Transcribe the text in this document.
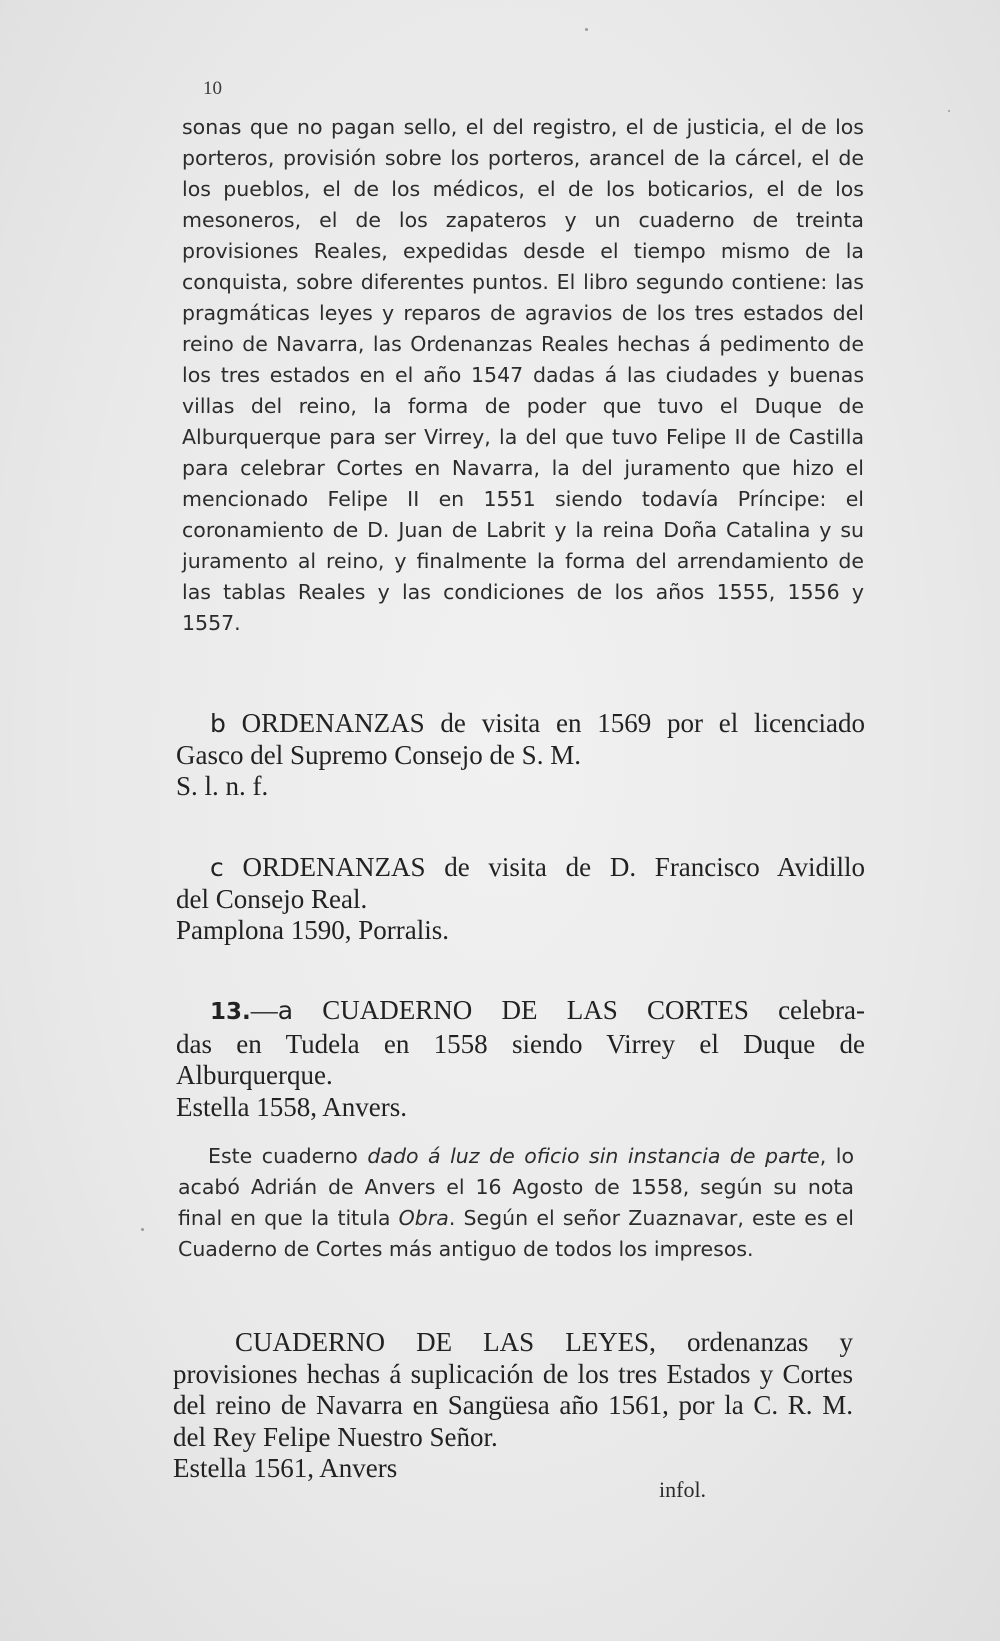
10

sonas que no pagan sello, el del registro, el de justicia, el de los porteros, provisión sobre los porteros, arancel de la cárcel, el de los pueblos, el de los médicos, el de los boticarios, el de los mesoneros, el de los zapateros y un cuaderno de treinta provisiones Reales, expedidas desde el tiempo mismo de la conquista, sobre diferentes puntos. El libro segundo contiene: las pragmáticas leyes y reparos de agravios de los tres estados del reino de Navarra, las Ordenanzas Reales hechas á pedimento de los tres estados en el año 1547 dadas á las ciudades y buenas villas del reino, la forma de poder que tuvo el Duque de Alburquerque para ser Virrey, la del que tuvo Felipe II de Castilla para celebrar Cortes en Navarra, la del juramento que hizo el mencionado Felipe II en 1551 siendo todavía Príncipe: el coronamiento de D. Juan de Labrit y la reina Doña Catalina y su juramento al reino, y finalmente la forma del arrendamiento de las tablas Reales y las condiciones de los años 1555, 1556 y 1557.

b ORDENANZAS de visita en 1569 por el licenciado

Gasco del Supremo Consejo de S. M.

S. l. n. f.

c ORDENANZAS de visita de D. Francisco Avidillo

del Consejo Real.

Pamplona 1590, Porralis.

13.—a CUADERNO DE LAS CORTES celebra-

das en Tudela en 1558 siendo Virrey el Duque de Alburquerque.

Estella 1558, Anvers.

Este cuaderno dado á luz de oficio sin instancia de parte, lo acabó Adrián de Anvers el 16 Agosto de 1558, según su nota final en que la titula Obra. Según el señor Zuaznavar, este es el Cuaderno de Cortes más antiguo de todos los impresos.

CUADERNO DE LAS LEYES, ordenanzas y provisiones hechas á suplicación de los tres Estados y Cortes del reino de Navarra en Sangüesa año 1561, por la C. R. M. del Rey Felipe Nuestro Señor.

Estella 1561, Anvers

infol.
